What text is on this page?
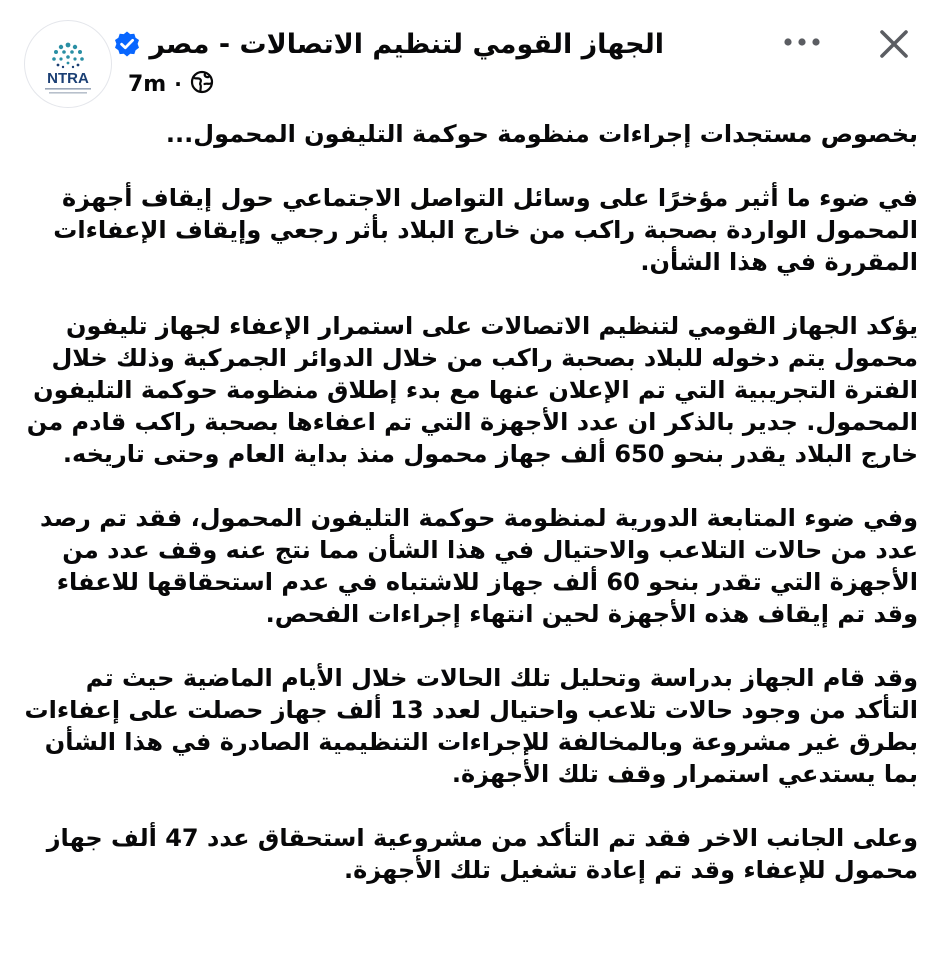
NTRA
الجهاز القومي لتنظيم الاتصالات - مصر
7m ·

بخصوص مستجدات إجراءات منظومة حوكمة التليفون المحمول...

في ضوء ما أثير مؤخرًا على وسائل التواصل الاجتماعي حول إيقاف أجهزة المحمول الواردة بصحبة راكب من خارج البلاد بأثر رجعي وإيقاف الإعفاءات المقررة في هذا الشأن.

يؤكد الجهاز القومي لتنظيم الاتصالات على استمرار الإعفاء لجهاز تليفون محمول يتم دخوله للبلاد بصحبة راكب من خلال الدوائر الجمركية وذلك خلال الفترة التجريبية التي تم الإعلان عنها مع بدء إطلاق منظومة حوكمة التليفون المحمول. جدير بالذكر ان عدد الأجهزة التي تم اعفاءها بصحبة راكب قادم من خارج البلاد يقدر بنحو 650 ألف جهاز محمول منذ بداية العام وحتى تاريخه.

وفي ضوء المتابعة الدورية لمنظومة حوكمة التليفون المحمول، فقد تم رصد عدد من حالات التلاعب والاحتيال في هذا الشأن مما نتج عنه وقف عدد من الأجهزة التي تقدر بنحو 60 ألف جهاز للاشتباه في عدم استحقاقها للاعفاء وقد تم إيقاف هذه الأجهزة لحين انتهاء إجراءات الفحص.

وقد قام الجهاز بدراسة وتحليل تلك الحالات خلال الأيام الماضية حيث تم التأكد من وجود حالات تلاعب واحتيال لعدد 13 ألف جهاز حصلت على إعفاءات بطرق غير مشروعة وبالمخالفة للإجراءات التنظيمية الصادرة في هذا الشأن بما يستدعي استمرار وقف تلك الأجهزة.

وعلى الجانب الاخر فقد تم التأكد من مشروعية استحقاق عدد 47 ألف جهاز محمول للإعفاء وقد تم إعادة تشغيل تلك الأجهزة.
